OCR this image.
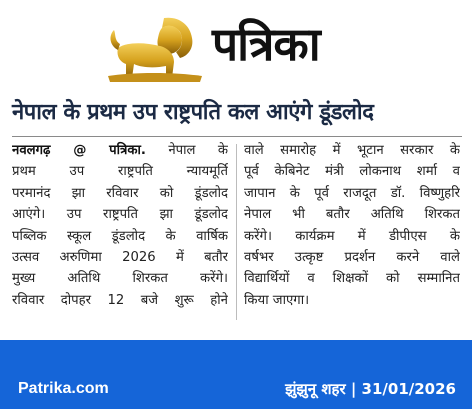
पत्रिका
नेपाल के प्रथम उप राष्ट्रपति कल आएंगे डूंडलोद
नवलगढ़ @ पत्रिका. नेपाल के
प्रथम उप राष्ट्रपति न्यायमूर्ति
परमानंद झा रविवार को डूंडलोद
आएंगे। उप राष्ट्रपति झा डूंडलोद
पब्लिक स्कूल डूंडलोद के वार्षिक
उत्सव अरुणिमा 2026 में बतौर
मुख्य अतिथि शिरकत करेंगे।
रविवार दोपहर 12 बजे शुरू होने
वाले समारोह में भूटान सरकार के
पूर्व केबिनेट मंत्री लोकनाथ शर्मा व
जापान के पूर्व राजदूत डॉ. विष्णुहरि
नेपाल भी बतौर अतिथि शिरकत
करेंगे। कार्यक्रम में डीपीएस के
वर्षभर उत्कृष्ट प्रदर्शन करने वाले
विद्यार्थियों व शिक्षकों को सम्मानित
किया जाएगा।
Patrika.com	झुंझुनू शहर | 31/01/2026
